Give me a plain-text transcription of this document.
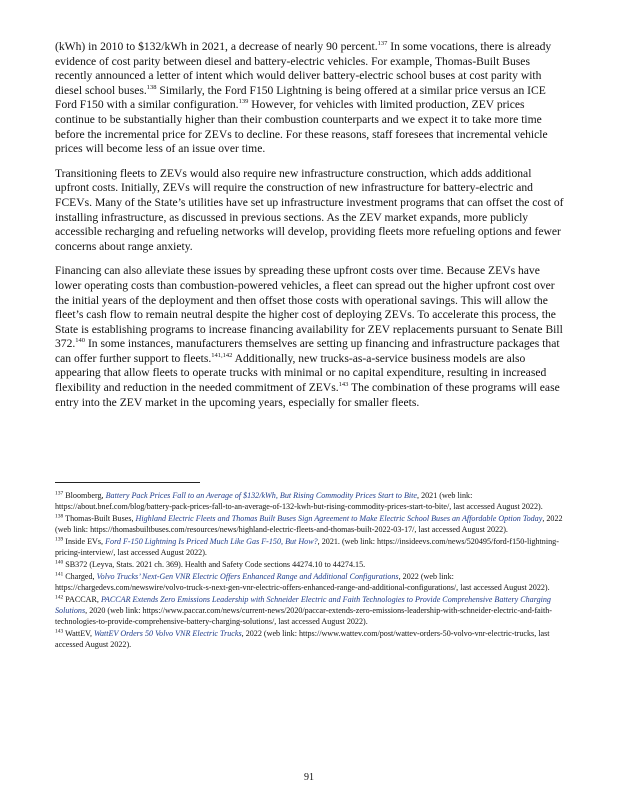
(kWh) in 2010 to $132/kWh in 2021, a decrease of nearly 90 percent.$^{137}$ In some vocations, there is already evidence of cost parity between diesel and battery-electric vehicles. For example, Thomas-Built Buses recently announced a letter of intent which would deliver battery-electric school buses at cost parity with diesel school buses.$^{138}$ Similarly, the Ford F150 Lightning is being offered at a similar price versus an ICE Ford F150 with a similar configuration.$^{139}$ However, for vehicles with limited production, ZEV prices continue to be substantially higher than their combustion counterparts and we expect it to take more time before the incremental price for ZEVs to decline. For these reasons, staff foresees that incremental vehicle prices will become less of an issue over time.

Transitioning fleets to ZEVs would also require new infrastructure construction, which adds additional upfront costs. Initially, ZEVs will require the construction of new infrastructure for battery-electric and FCEVs. Many of the State’s utilities have set up infrastructure investment programs that can offset the cost of installing infrastructure, as discussed in previous sections. As the ZEV market expands, more publicly accessible recharging and refueling networks will develop, providing fleets more refueling options and fewer concerns about range anxiety.

Financing can also alleviate these issues by spreading these upfront costs over time. Because ZEVs have lower operating costs than combustion-powered vehicles, a fleet can spread out the higher upfront cost over the initial years of the deployment and then offset those costs with operational savings. This will allow the fleet’s cash flow to remain neutral despite the higher cost of deploying ZEVs. To accelerate this process, the State is establishing programs to increase financing availability for ZEV replacements pursuant to Senate Bill 372.$^{140}$ In some instances, manufacturers themselves are setting up financing and infrastructure packages that can offer further support to fleets.$^{141,142}$ Additionally, new trucks-as-a-service business models are also appearing that allow fleets to operate trucks with minimal or no capital expenditure, resulting in increased flexibility and reduction in the needed commitment of ZEVs.$^{143}$ The combination of these programs will ease entry into the ZEV market in the upcoming years, especially for smaller fleets.

$^{137}$ Bloomberg, Battery Pack Prices Fall to an Average of $132/kWh, But Rising Commodity Prices Start to Bite, 2021 (web link: https://about.bnef.com/blog/battery-pack-prices-fall-to-an-average-of-132-kwh-but-rising-commodity-prices-start-to-bite/, last accessed August 2022).

$^{138}$ Thomas-Built Buses, Highland Electric Fleets and Thomas Built Buses Sign Agreement to Make Electric School Buses an Affordable Option Today, 2022 (web link: https://thomasbuiltbuses.com/resources/news/highland-electric-fleets-and-thomas-built-2022-03-17/, last accessed August 2022).

$^{139}$ Inside EVs, Ford F-150 Lightning Is Priced Much Like Gas F-150, But How?, 2021. (web link: https://insideevs.com/news/520495/ford-f150-lightning-pricing-interview/, last accessed August 2022).

$^{140}$ SB372 (Leyva, Stats. 2021 ch. 369). Health and Safety Code sections 44274.10 to 44274.15.

$^{141}$ Charged, Volvo Trucks’ Next-Gen VNR Electric Offers Enhanced Range and Additional Configurations, 2022 (web link: https://chargedevs.com/newswire/volvo-truck-s-next-gen-vnr-electric-offers-enhanced-range-and-additional-configurations/, last accessed August 2022).

$^{142}$ PACCAR, PACCAR Extends Zero Emissions Leadership with Schneider Electric and Faith Technologies to Provide Comprehensive Battery Charging Solutions, 2020 (web link: https://www.paccar.com/news/current-news/2020/paccar-extends-zero-emissions-leadership-with-schneider-electric-and-faith-technologies-to-provide-comprehensive-battery-charging-solutions/, last accessed August 2022).

$^{143}$ WattEV, WattEV Orders 50 Volvo VNR Electric Trucks, 2022 (web link: https://www.wattev.com/post/wattev-orders-50-volvo-vnr-electric-trucks, last accessed August 2022).

91
